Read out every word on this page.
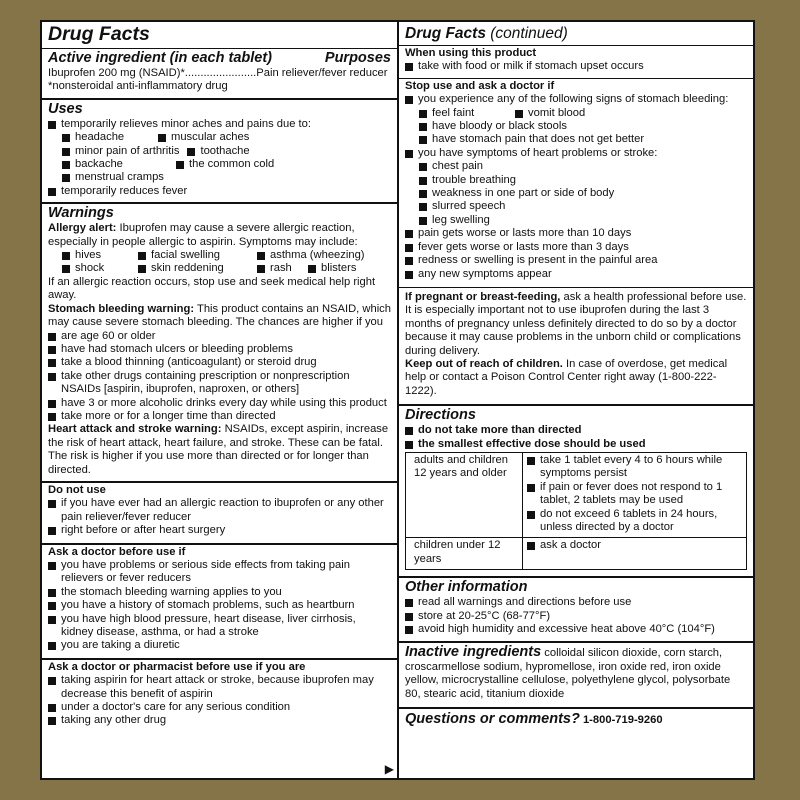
Drug Facts
Active ingredient (in each tablet)	Purposes
Ibuprofen 200 mg (NSAID)*.......................Pain reliever/fever reducer
*nonsteroidal anti-inflammatory drug
Uses
temporarily relieves minor aches and pains due to:
headache	muscular aches
minor pain of arthritis	toothache
backache	the common cold
menstrual cramps
temporarily reduces fever
Warnings
Allergy alert: Ibuprofen may cause a severe allergic reaction, especially in people allergic to aspirin. Symptoms may include:
hives	facial swelling	asthma (wheezing)
shock	skin reddening	rash	blisters
If an allergic reaction occurs, stop use and seek medical help right away.
Stomach bleeding warning: This product contains an NSAID, which may cause severe stomach bleeding. The chances are higher if you
are age 60 or older
have had stomach ulcers or bleeding problems
take a blood thinning (anticoagulant) or steroid drug
take other drugs containing prescription or nonprescription NSAIDs [aspirin, ibuprofen, naproxen, or others]
have 3 or more alcoholic drinks every day while using this product
take more or for a longer time than directed
Heart attack and stroke warning: NSAIDs, except aspirin, increase the risk of heart attack, heart failure, and stroke. These can be fatal. The risk is higher if you use more than directed or for longer than directed.
Do not use
if you have ever had an allergic reaction to ibuprofen or any other pain reliever/fever reducer
right before or after heart surgery
Ask a doctor before use if
you have problems or serious side effects from taking pain relievers or fever reducers
the stomach bleeding warning applies to you
you have a history of stomach problems, such as heartburn
you have high blood pressure, heart disease, liver cirrhosis, kidney disease, asthma, or had a stroke
you are taking a diuretic
Ask a doctor or pharmacist before use if you are
taking aspirin for heart attack or stroke, because ibuprofen may decrease this benefit of aspirin
under a doctor's care for any serious condition
taking any other drug
▶
Drug Facts (continued)
When using this product
take with food or milk if stomach upset occurs
Stop use and ask a doctor if
you experience any of the following signs of stomach bleeding:
feel faint	vomit blood
have bloody or black stools
have stomach pain that does not get better
you have symptoms of heart problems or stroke:
chest pain
trouble breathing
weakness in one part or side of body
slurred speech
leg swelling
pain gets worse or lasts more than 10 days
fever gets worse or lasts more than 3 days
redness or swelling is present in the painful area
any new symptoms appear
If pregnant or breast-feeding, ask a health professional before use. It is especially important not to use ibuprofen during the last 3 months of pregnancy unless definitely directed to do so by a doctor because it may cause problems in the unborn child or complications during delivery.
Keep out of reach of children. In case of overdose, get medical help or contact a Poison Control Center right away (1-800-222-1222).
Directions
do not take more than directed
the smallest effective dose should be used
adults and children 12 years and older	take 1 tablet every 4 to 6 hours while symptoms persist
if pain or fever does not respond to 1 tablet, 2 tablets may be used
do not exceed 6 tablets in 24 hours, unless directed by a doctor

children under 12 years	ask a doctor
Other information
read all warnings and directions before use
store at 20-25°C (68-77°F)
avoid high humidity and excessive heat above 40°C (104°F)
Inactive ingredients colloidal silicon dioxide, corn starch, croscarmellose sodium, hypromellose, iron oxide red, iron oxide yellow, microcrystalline cellulose, polyethylene glycol, polysorbate 80, stearic acid, titanium dioxide
Questions or comments? 1-800-719-9260
